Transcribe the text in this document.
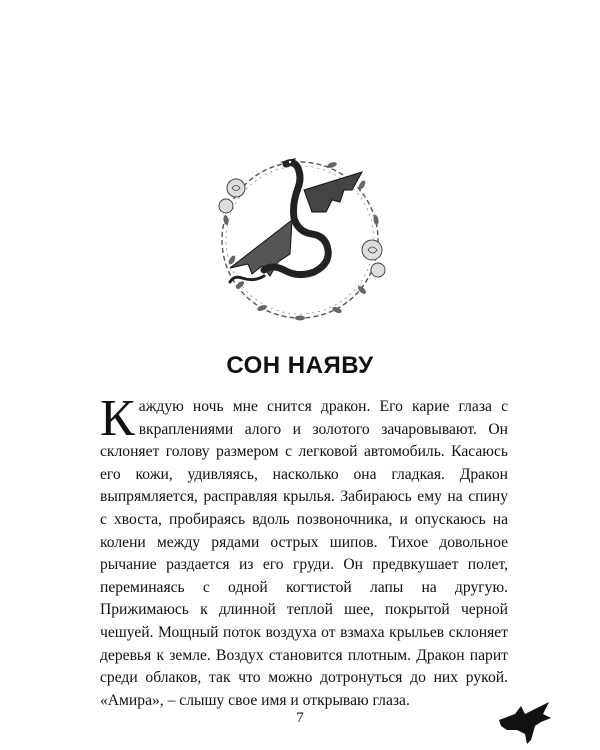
СОН НАЯВУ

Каждую ночь мне снится дракон. Его карие глаза с вкраплениями алого и золотого зачаровывают. Он склоняет голову размером с легковой автомобиль. Касаюсь его кожи, удивляясь, насколько она гладкая. Дракон выпрямляется, расправляя крылья. Забираюсь ему на спину с хвоста, пробираясь вдоль позвоночника, и опускаюсь на колени между рядами острых шипов. Тихое довольное рычание раздается из его груди. Он предвкушает полет, переминаясь с одной когтистой лапы на другую. Прижимаюсь к длинной теплой шее, покрытой черной чешуей. Мощный поток воздуха от взмаха крыльев склоняет деревья к земле. Воздух становится плотным. Дракон парит среди облаков, так что можно дотронуться до них рукой. «Амира», – слышу свое имя и открываю глаза.

7
